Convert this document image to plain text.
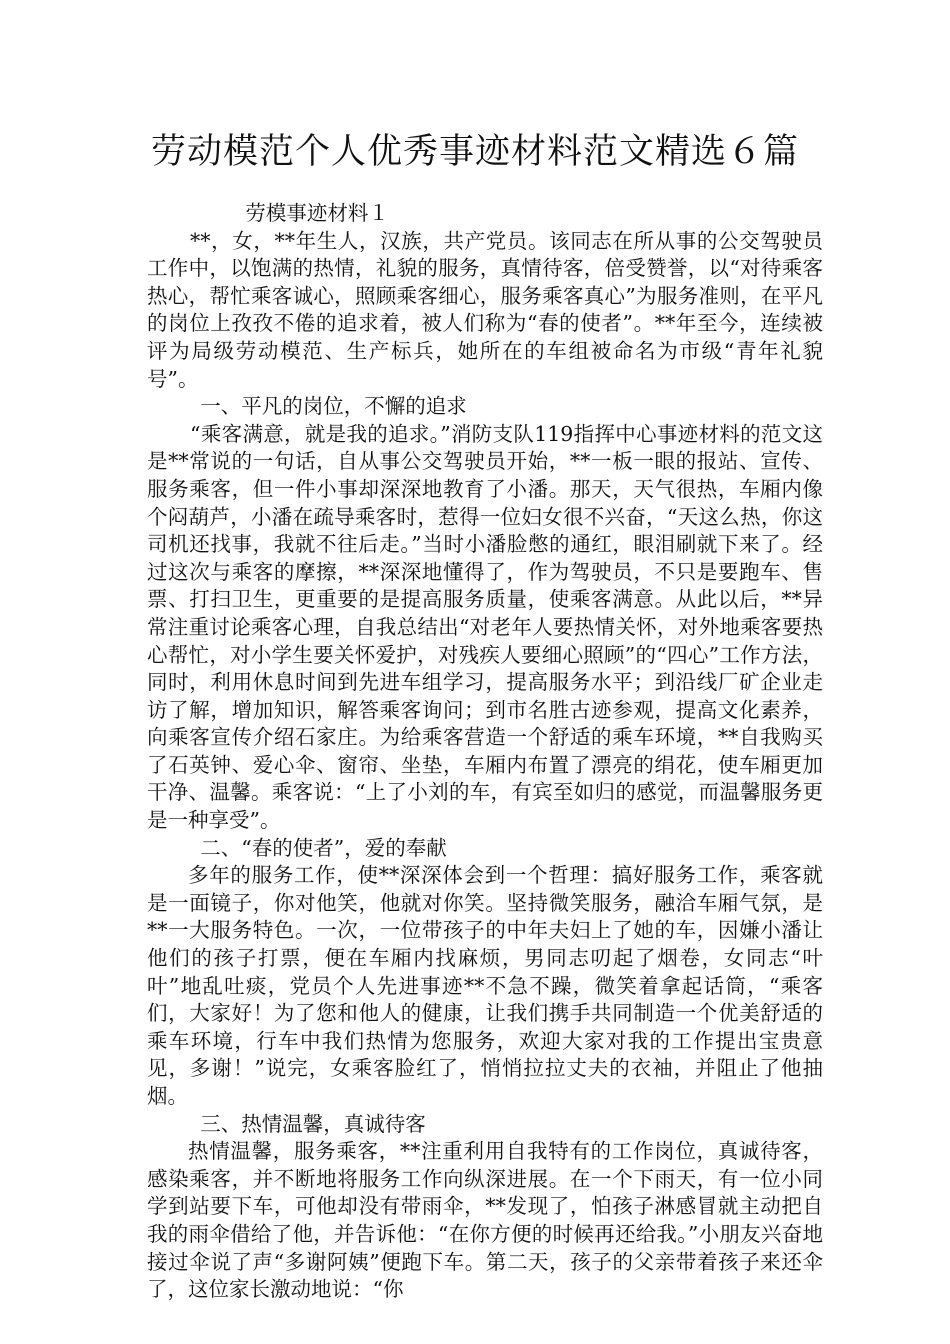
劳动模范个人优秀事迹材料范文精选６篇

劳模事迹材料１

**，女，**年生人，汉族，共产党员。该同志在所从事的公交驾驶员工作中，以饱满的热情，礼貌的服务，真情待客，倍受赞誉，以“对待乘客热心，帮忙乘客诚心，照顾乘客细心，服务乘客真心”为服务准则，在平凡的岗位上孜孜不倦的追求着，被人们称为“春的使者”。**年至今，连续被评为局级劳动模范、生产标兵，她所在的车组被命名为市级“青年礼貌号”。

一、平凡的岗位，不懈的追求

“乘客满意，就是我的追求。”消防支队119指挥中心事迹材料的范文这是**常说的一句话，自从事公交驾驶员开始，**一板一眼的报站、宣传、服务乘客，但一件小事却深深地教育了小潘。那天，天气很热，车厢内像个闷葫芦，小潘在疏导乘客时，惹得一位妇女很不兴奋，“天这么热，你这司机还找事，我就不往后走。”当时小潘脸憋的通红，眼泪刷就下来了。经过这次与乘客的摩擦，**深深地懂得了，作为驾驶员，不只是要跑车、售票、打扫卫生，更重要的是提高服务质量，使乘客满意。从此以后，**异常注重讨论乘客心理，自我总结出“对老年人要热情关怀，对外地乘客要热心帮忙，对小学生要关怀爱护，对残疾人要细心照顾”的“四心”工作方法，同时，利用休息时间到先进车组学习，提高服务水平；到沿线厂矿企业走访了解，增加知识，解答乘客询问；到市名胜古迹参观，提高文化素养，向乘客宣传介绍石家庄。为给乘客营造一个舒适的乘车环境，**自我购买了石英钟、爱心伞、窗帘、坐垫，车厢内布置了漂亮的绢花，使车厢更加干净、温馨。乘客说：“上了小刘的车，有宾至如归的感觉，而温馨服务更是一种享受”。

二、“春的使者”，爱的奉献

多年的服务工作，使**深深体会到一个哲理：搞好服务工作，乘客就是一面镜子，你对他笑，他就对你笑。坚持微笑服务，融洽车厢气氛，是**一大服务特色。一次，一位带孩子的中年夫妇上了她的车，因嫌小潘让他们的孩子打票，便在车厢内找麻烦，男同志叨起了烟卷，女同志“叶叶”地乱吐痰，党员个人先进事迹**不急不躁，微笑着拿起话筒，“乘客们，大家好！为了您和他人的健康，让我们携手共同制造一个优美舒适的乘车环境，行车中我们热情为您服务，欢迎大家对我的工作提出宝贵意见，多谢！”说完，女乘客脸红了，悄悄拉拉丈夫的衣袖，并阻止了他抽烟。

三、热情温馨，真诚待客

热情温馨，服务乘客，**注重利用自我特有的工作岗位，真诚待客，感染乘客，并不断地将服务工作向纵深进展。在一个下雨天，有一位小同学到站要下车，可他却没有带雨伞，**发现了，怕孩子淋感冒就主动把自我的雨伞借给了他，并告诉他：“在你方便的时候再还给我。”小朋友兴奋地接过伞说了声“多谢阿姨”便跑下车。第二天，孩子的父亲带着孩子来还伞了，这位家长激动地说：“你
